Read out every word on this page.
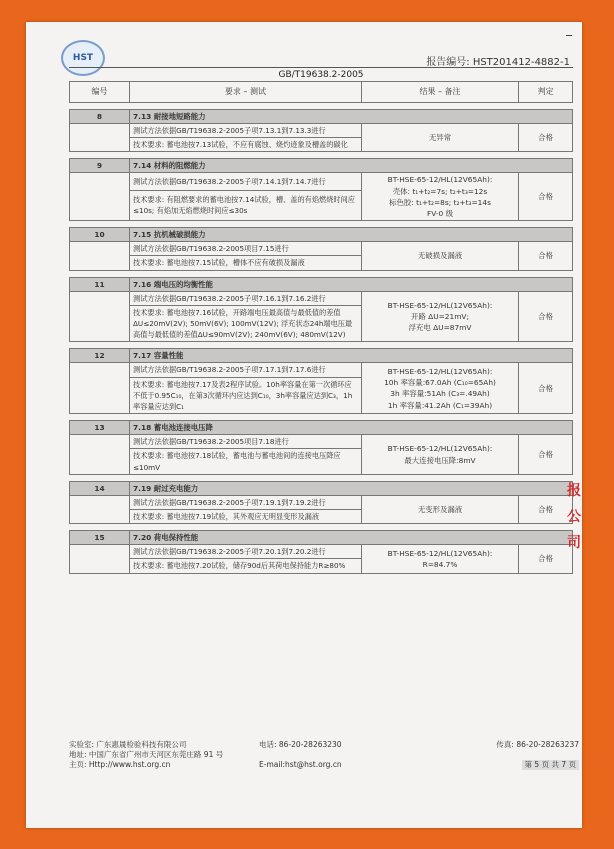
HST	报告编号: HST201412-4882-1
GB/T19638.2-2005
编号	要求 – 测试	结果 – 备注	判定

8	7.13 耐接地短路能力		
	测试方法依据GB/T19638.2-2005子项7.13.1到7.13.3进行	无异常	合格
	技术要求: 蓄电池按7.13试验，不应有腐蚀、烧灼迹象及槽盖的碳化		

9	7.14 材料的阻燃能力		
	测试方法依据GB/T19638.2-2005子项7.14.1到7.14.7进行	BT-HSE-65-12/HL(12V65Ah):
壳体: t₁+t₂=7s; t₂+t₃=12s
标色胶: t₁+t₂=8s; t₂+t₃=14s
FV-0 级	合格
	技术要求: 有阻燃要求的蓄电池按7.14试验，槽、盖的有焰燃烧时间应≤10s; 有焰加无焰燃烧时间应≤30s		

10	7.15 抗机械破损能力		
	测试方法依据GB/T19638.2-2005项目7.15进行	无破损及漏液	合格
	技术要求: 蓄电池按7.15试验，槽体不应有破损及漏液		

11	7.16 端电压的均衡性能		
	测试方法依据GB/T19638.2-2005子项7.16.1到7.16.2进行	BT-HSE-65-12/HL(12V65Ah):
开路 ΔU=21mV;
浮充电 ΔU=87mV	合格
	技术要求: 蓄电池按7.16试验，开路端电压最高值与最低值的差值ΔU≤20mV(2V); 50mV(6V); 100mV(12V); 浮充状态24h端电压最高值与最低值的差值ΔU≤90mV(2V); 240mV(6V); 480mV(12V)		

12	7.17 容量性能		
	测试方法依据GB/T19638.2-2005子项7.17.1到7.17.6进行	BT-HSE-65-12/HL(12V65Ah):
10h 率容量:67.0Ah (C₁₀=65Ah)
3h 率容量:51Ah (C₃=.49Ah)
1h 率容量:41.2Ah (C₁=39Ah)	合格
	技术要求: 蓄电池按7.17及表2程序试验。10h率容量在第一次循环应不低于0.95C₁₀，在第3次循环内应达到C₁₀，3h率容量应达到C₃，1h率容量应达到C₁		

13	7.18 蓄电池连接电压降		
	测试方法依据GB/T19638.2-2005项目7.18进行	BT-HSE-65-12/HL(12V65Ah):
最大连接电压降:8mV	合格
	技术要求: 蓄电池按7.18试验，蓄电池与蓄电池间的连接电压降应≤10mV		

14	7.19 耐过充电能力		
	测试方法依据GB/T19638.2-2005子项7.19.1到7.19.2进行	无变形及漏液	合格
	技术要求: 蓄电池按7.19试验，其外观应无明显变形及漏液		

15	7.20 荷电保持性能		
	测试方法依据GB/T19638.2-2005子项7.20.1到7.20.2进行	BT-HSE-65-12/HL(12V65Ah):
R=84.7%	合格
	技术要求: 蓄电池按7.20试验，储存90d后其荷电保持能力R≥80%		
实验室: 广东惠晟检验科技有限公司	电话: 86-20-28263230	传真: 86-20-28263237
地址: 中国广东省广州市天河区东莞庄路 91 号
主页: Http://www.hst.org.cn	E-mail:hst@hst.org.cn	第 5 页 共 7 页
报
公
司
